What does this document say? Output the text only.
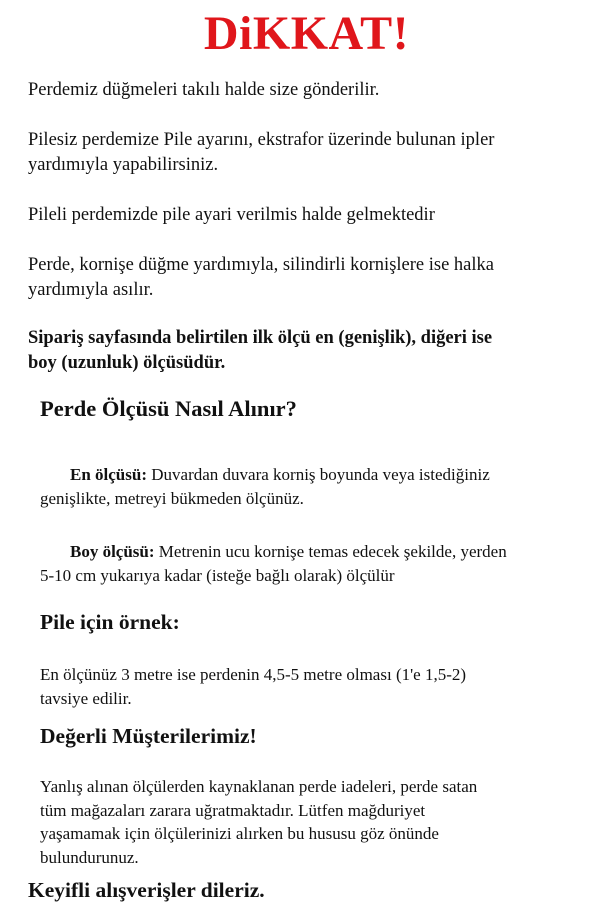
DiKKAT!

Perdemiz düğmeleri takılı halde size gönderilir.

Pilesiz perdemize Pile ayarını, ekstrafor üzerinde bulunan ipler
yardımıyla yapabilirsiniz.

Pileli perdemizde pile ayari verilmis halde gelmektedir

Perde, kornişe düğme yardımıyla, silindirli kornişlere ise halka
yardımıyla asılır.

Sipariş sayfasında belirtilen ilk ölçü en (genişlik), diğeri ise
boy (uzunluk) ölçüsüdür.

Perde Ölçüsü Nasıl Alınır?

En ölçüsü: Duvardan duvara korniş boyunda veya istediğiniz
genişlikte, metreyi bükmeden ölçünüz.

Boy ölçüsü: Metrenin ucu kornişe temas edecek şekilde, yerden
5-10 cm yukarıya kadar (isteğe bağlı olarak) ölçülür

Pile için örnek:

En ölçünüz 3 metre ise perdenin 4,5-5 metre olması (1'e 1,5-2)
tavsiye edilir.

Değerli Müşterilerimiz!

Yanlış alınan ölçülerden kaynaklanan perde iadeleri, perde satan
tüm mağazaları zarara uğratmaktadır. Lütfen mağduriyet
yaşamamak için ölçülerinizi alırken bu hususu göz önünde
bulundurunuz.

Keyifli alışverişler dileriz.
